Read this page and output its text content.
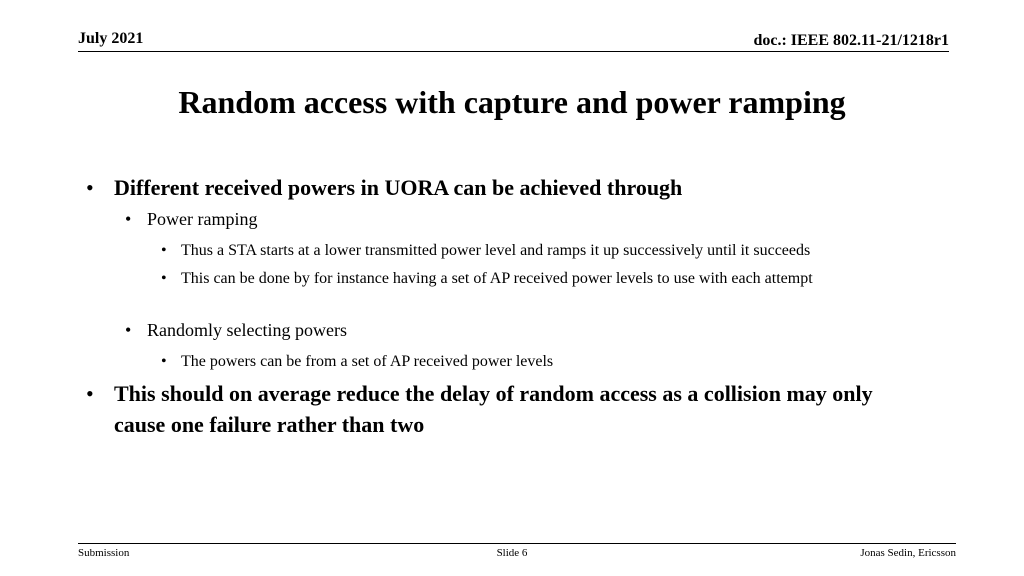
July 2021	doc.: IEEE 802.11-21/1218r1
Random access with capture and power ramping
• Different received powers in UORA can be achieved through
• Power ramping
• Thus a STA starts at a lower transmitted power level and ramps it up successively until it succeeds
• This can be done by for instance having a set of AP received power levels to use with each attempt
• Randomly selecting powers
• The powers can be from a set of AP received power levels
• This should on average reduce the delay of random access as a collision may only cause one failure rather than two
Submission	Slide 6	Jonas Sedin, Ericsson
